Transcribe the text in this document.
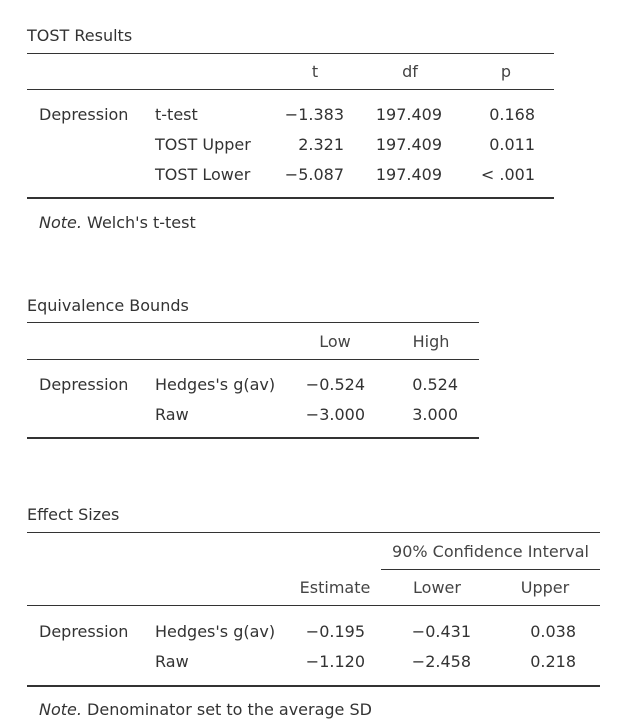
TOST Results
t	df	p
Depression t-test	−1.383	197.409	0.168
TOST Upper	2.321	197.409	0.011
TOST Lower	−5.087	197.409	< .001
Note. Welch's t-test
Equivalence Bounds
Low	High
Depression Hedges's g(av)	−0.524	0.524
Raw	−3.000	3.000
Effect Sizes
90% Confidence Interval
Estimate	Lower	Upper
Depression Hedges's g(av)	−0.195	−0.431	0.038
Raw	−1.120	−2.458	0.218
Note. Denominator set to the average SD
